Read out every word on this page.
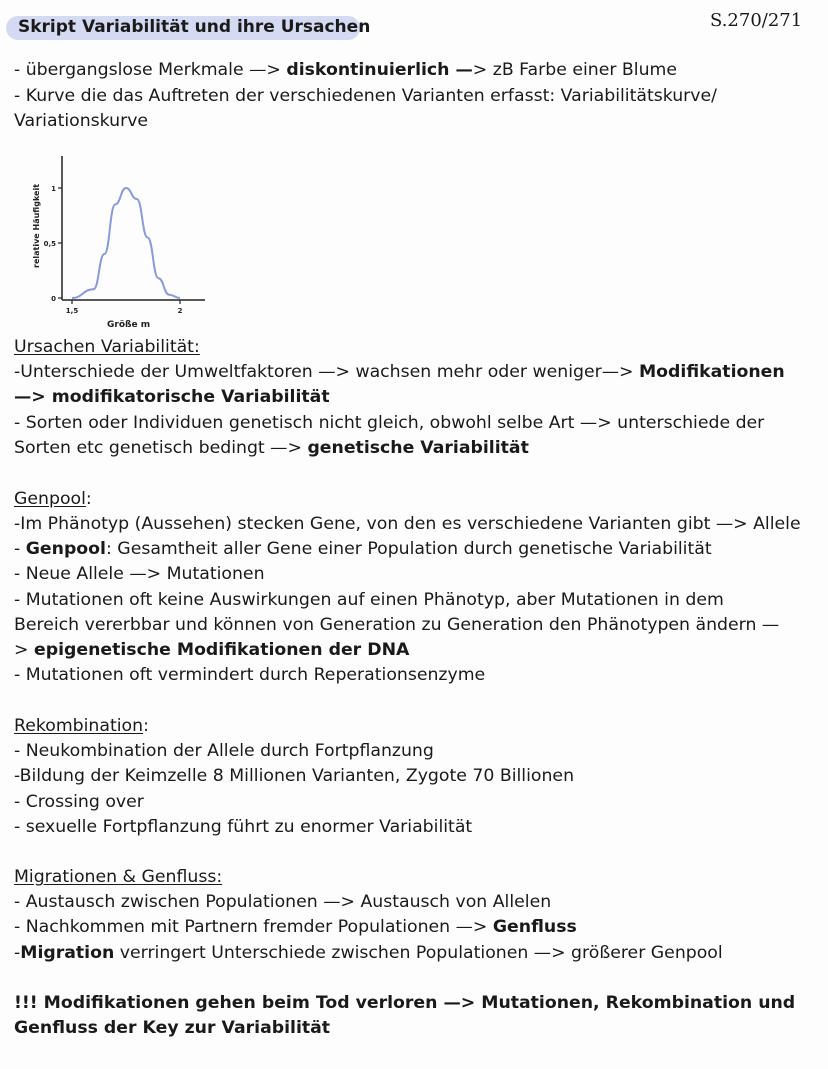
Skript Variabilität und ihre Ursachen	S.270/271
- übergangslose Merkmale —> diskontinuierlich —> zB Farbe einer Blume
- Kurve die das Auftreten der verschiedenen Varianten erfasst: Variabilitätskurve/
Variationskurve
0
0,5
1
1,5	2
Größe m
relative Häufigkeit
Ursachen Variabilität:
-Unterschiede der Umweltfaktoren —> wachsen mehr oder weniger—> Modifikationen
—> modifikatorische Variabilität
- Sorten oder Individuen genetisch nicht gleich, obwohl selbe Art —> unterschiede der
Sorten etc genetisch bedingt —> genetische Variabilität
Genpool:
-Im Phänotyp (Aussehen) stecken Gene, von den es verschiedene Varianten gibt —> Allele
- Genpool: Gesamtheit aller Gene einer Population durch genetische Variabilität
- Neue Allele —> Mutationen
- Mutationen oft keine Auswirkungen auf einen Phänotyp, aber Mutationen in dem
Bereich vererbbar und können von Generation zu Generation den Phänotypen ändern —
> epigenetische Modifikationen der DNA
- Mutationen oft vermindert durch Reperationsenzyme
Rekombination:
- Neukombination der Allele durch Fortpflanzung
-Bildung der Keimzelle 8 Millionen Varianten, Zygote 70 Billionen
- Crossing over
- sexuelle Fortpflanzung führt zu enormer Variabilität
Migrationen & Genfluss:
- Austausch zwischen Populationen —> Austausch von Allelen
- Nachkommen mit Partnern fremder Populationen —> Genfluss
-Migration verringert Unterschiede zwischen Populationen —> größerer Genpool
!!! Modifikationen gehen beim Tod verloren —> Mutationen, Rekombination und
Genfluss der Key zur Variabilität
